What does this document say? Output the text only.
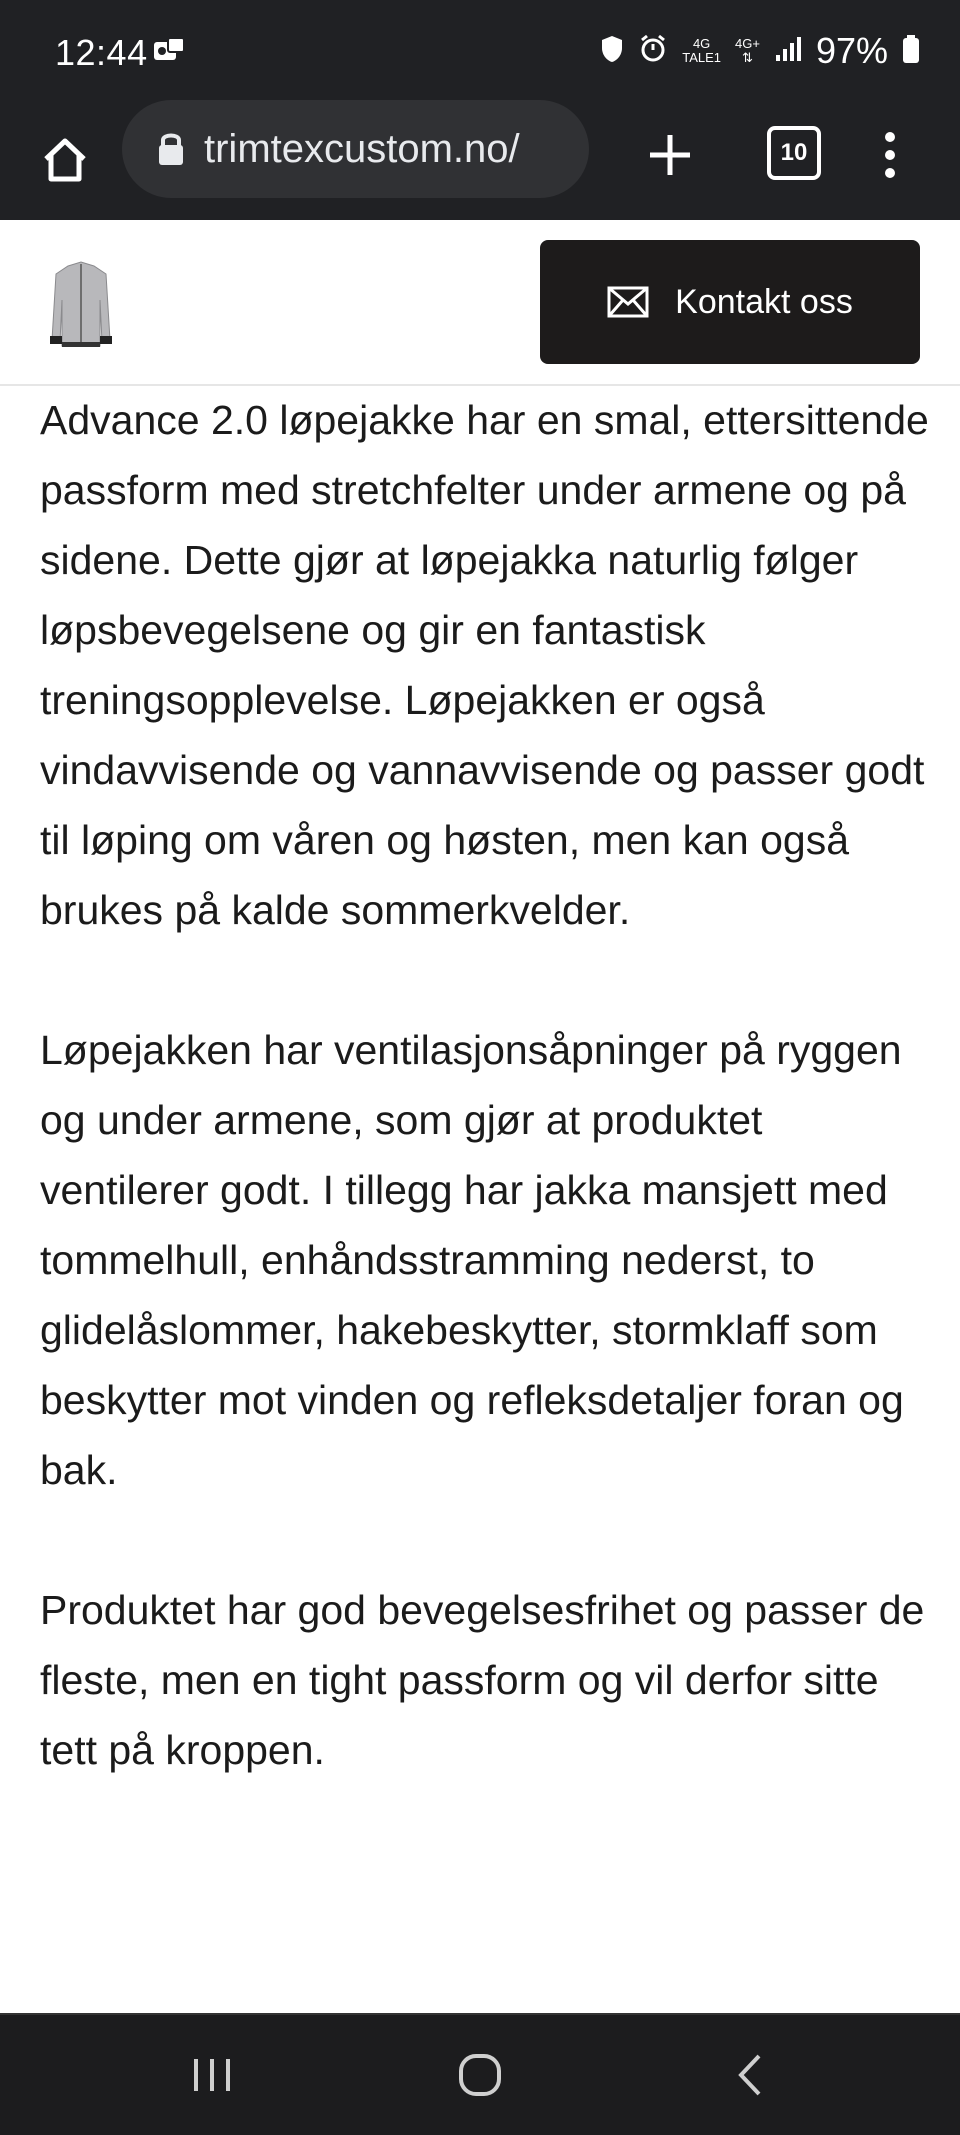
12:44	4G
TALE1
4G+
⇅ 97%
trimtexcustom.no/	10
Kontakt oss

Advance 2.0 løpejakke har en smal, ettersittende passform med stretchfelter under armene og på sidene. Dette gjør at løpejakka naturlig følger løpsbevegelsene og gir en fantastisk treningsopplevelse. Løpejakken er også vindavvisende og vannavvisende og passer godt til løping om våren og høsten, men kan også brukes på kalde sommerkvelder.

Løpejakken har ventilasjonsåpninger på ryggen og under armene, som gjør at produktet ventilerer godt. I tillegg har jakka mansjett med tommelhull, enhåndsstramming nederst, to glidelåslommer, hakebeskytter, stormklaff som beskytter mot vinden og refleksdetaljer foran og bak.

Produktet har god bevegelsesfrihet og passer de fleste, men en tight passform og vil derfor sitte tett på kroppen.
